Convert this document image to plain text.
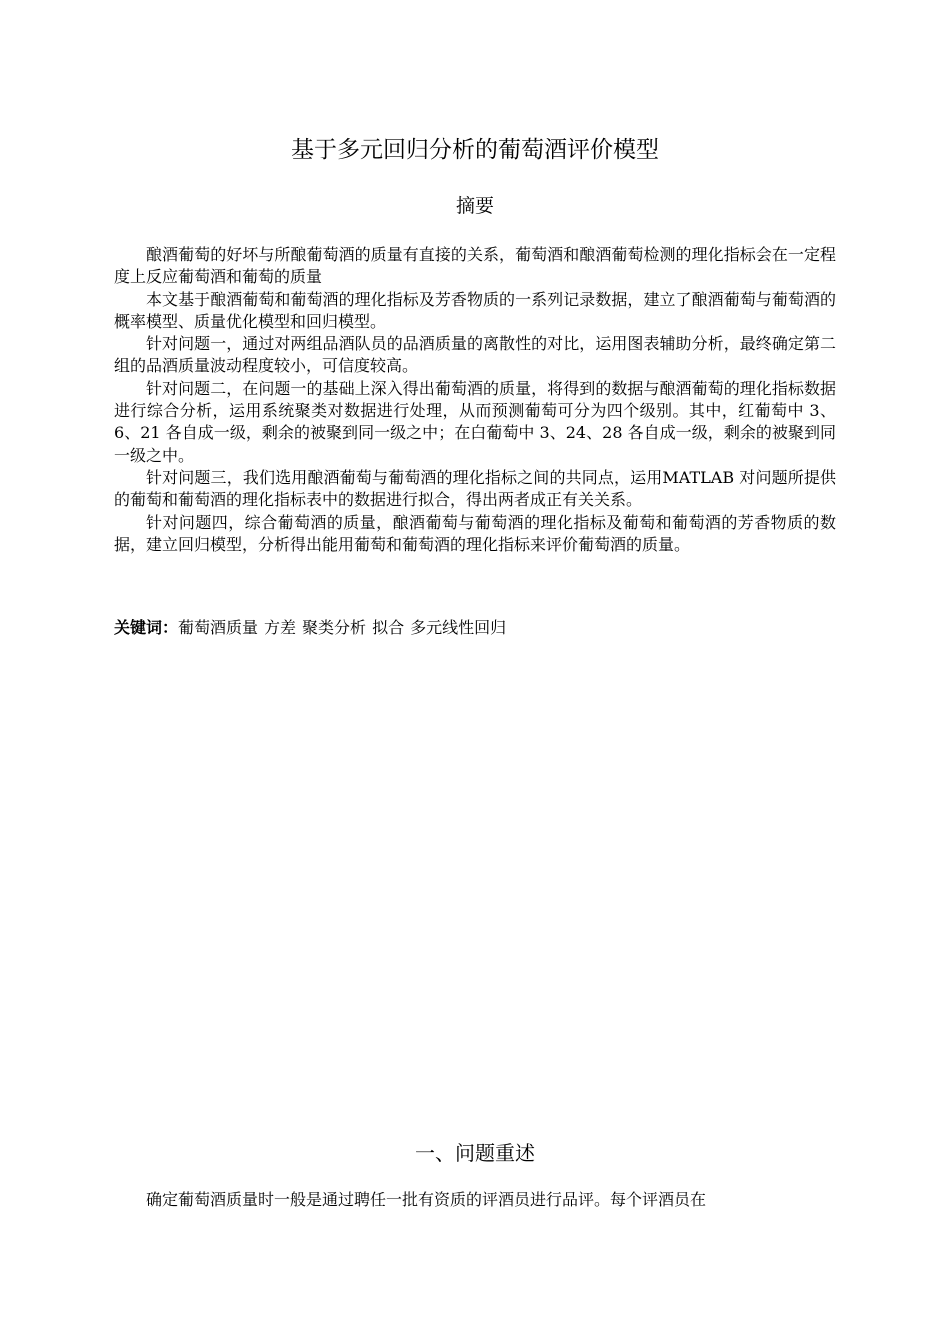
基于多元回归分析的葡萄酒评价模型
摘要

酿酒葡萄的好坏与所酿葡萄酒的质量有直接的关系，葡萄酒和酿酒葡萄检测的理化指标会在一定程度上反应葡萄酒和葡萄的质量

本文基于酿酒葡萄和葡萄酒的理化指标及芳香物质的一系列记录数据，建立了酿酒葡萄与葡萄酒的概率模型、质量优化模型和回归模型。

针对问题一，通过对两组品酒队员的品酒质量的离散性的对比，运用图表辅助分析，最终确定第二组的品酒质量波动程度较小，可信度较高。

针对问题二，在问题一的基础上深入得出葡萄酒的质量，将得到的数据与酿酒葡萄的理化指标数据进行综合分析，运用系统聚类对数据进行处理，从而预测葡萄可分为四个级别。其中，红葡萄中 3、6、21 各自成一级，剩余的被聚到同一级之中；在白葡萄中 3、24、28 各自成一级，剩余的被聚到同一级之中。

针对问题三，我们选用酿酒葡萄与葡萄酒的理化指标之间的共同点，运用MATLAB 对问题所提供的葡萄和葡萄酒的理化指标表中的数据进行拟合，得出两者成正有关关系。

针对问题四，综合葡萄酒的质量，酿酒葡萄与葡萄酒的理化指标及葡萄和葡萄酒的芳香物质的数据，建立回归模型，分析得出能用葡萄和葡萄酒的理化指标来评价葡萄酒的质量。

关键词：葡萄酒质量 方差 聚类分析 拟合 多元线性回归
一、问题重述

确定葡萄酒质量时一般是通过聘任一批有资质的评酒员进行品评。每个评酒员在
